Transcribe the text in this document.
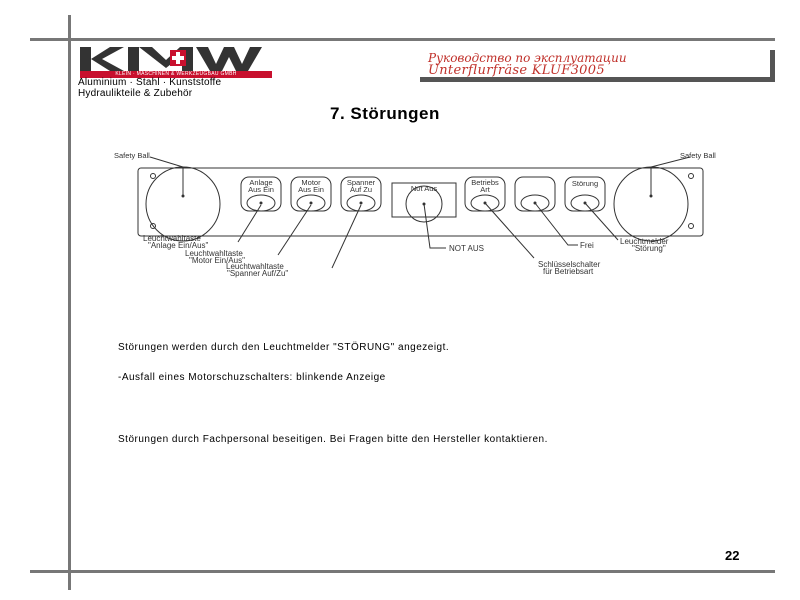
KLEIN · MASCHINEN & WERKZEUGBAU GMBH
Aluminium · Stahl · Kunststoffe
Hydraulikteile & Zubehör
Руководство по эксплуатации
Unterflurfräse KLUF3005
7. Störungen
Safety Ball	Safety Ball
Anlage
Aus Ein
Motor
Aus Ein
Spanner
Auf Zu	Not Aus
Betriebs
Art
Störung
Leuchtwahltaste
"Anlage Ein/Aus"
Leuchtwahltaste
"Motor Ein/Aus"
Leuchtwahltaste
"Spanner Auf/Zu"
NOT AUS
Schlüsselschalter
für Betriebsart
Frei	Leuchtmelder
"Störung"
Störungen werden durch den Leuchtmelder "STÖRUNG" angezeigt.
-Ausfall eines Motorschuzschalters: blinkende Anzeige
Störungen durch Fachpersonal beseitigen. Bei Fragen bitte den Hersteller kontaktieren.
22
